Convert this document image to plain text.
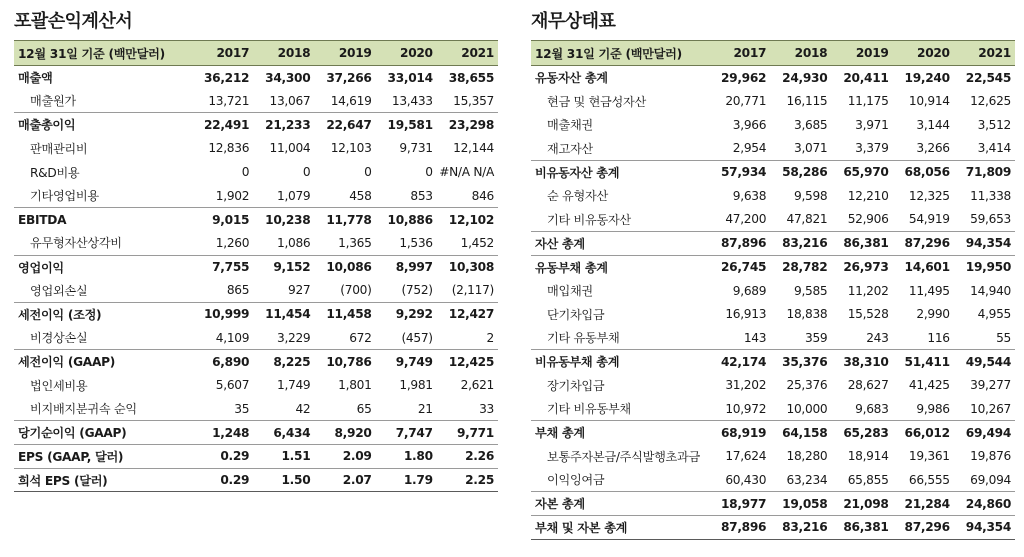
포괄손익계산서
12월 31일 기준 (백만달러)	2017	2018	2019	2020	2021
매출액	36,212	34,300	37,266	33,014	38,655
매출원가	13,721	13,067	14,619	13,433	15,357
매출총이익	22,491	21,233	22,647	19,581	23,298
판매관리비	12,836	11,004	12,103	9,731	12,144
R&D비용	0	0	0	0	#N/A N/A
기타영업비용	1,902	1,079	458	853	846
EBITDA	9,015	10,238	11,778	10,886	12,102
유무형자산상각비	1,260	1,086	1,365	1,536	1,452
영업이익	7,755	9,152	10,086	8,997	10,308
영업외손실	865	927	(700)	(752)	(2,117)
세전이익 (조정)	10,999	11,454	11,458	9,292	12,427
비경상손실	4,109	3,229	672	(457)	2
세전이익 (GAAP)	6,890	8,225	10,786	9,749	12,425
법인세비용	5,607	1,749	1,801	1,981	2,621
비지배지분귀속 순익	35	42	65	21	33
당기순이익 (GAAP)	1,248	6,434	8,920	7,747	9,771
EPS (GAAP, 달러)	0.29	1.51	2.09	1.80	2.26
희석 EPS (달러)	0.29	1.50	2.07	1.79	2.25
재무상태표
12월 31일 기준 (백만달러)	2017	2018	2019	2020	2021
유동자산 총계	29,962	24,930	20,411	19,240	22,545
현금 및 현금성자산	20,771	16,115	11,175	10,914	12,625
매출채권	3,966	3,685	3,971	3,144	3,512
재고자산	2,954	3,071	3,379	3,266	3,414
비유동자산 총계	57,934	58,286	65,970	68,056	71,809
순 유형자산	9,638	9,598	12,210	12,325	11,338
기타 비유동자산	47,200	47,821	52,906	54,919	59,653
자산 총계	87,896	83,216	86,381	87,296	94,354
유동부채 총계	26,745	28,782	26,973	14,601	19,950
매입채권	9,689	9,585	11,202	11,495	14,940
단기차입금	16,913	18,838	15,528	2,990	4,955
기타 유동부채	143	359	243	116	55
비유동부채 총계	42,174	35,376	38,310	51,411	49,544
장기차입금	31,202	25,376	28,627	41,425	39,277
기타 비유동부채	10,972	10,000	9,683	9,986	10,267
부채 총계	68,919	64,158	65,283	66,012	69,494
보통주자본금/주식발행초과금	17,624	18,280	18,914	19,361	19,876
이익잉여금	60,430	63,234	65,855	66,555	69,094
자본 총계	18,977	19,058	21,098	21,284	24,860
부채 및 자본 총계	87,896	83,216	86,381	87,296	94,354
